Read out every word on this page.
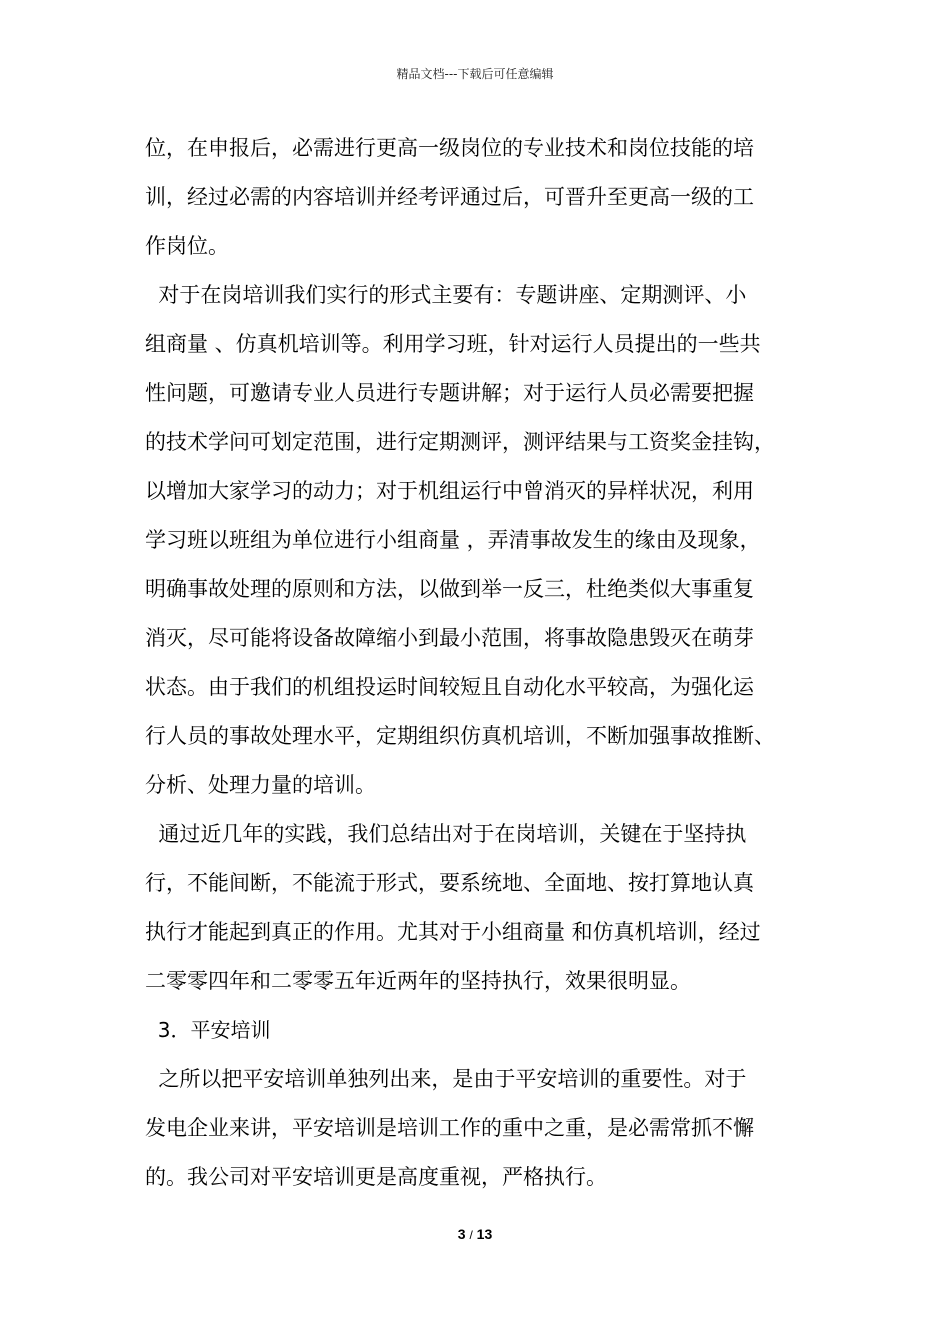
精品文档---下载后可任意编辑
位，在申报后，必需进行更高一级岗位的专业技术和岗位技能的培
训，经过必需的内容培训并经考评通过后，可晋升至更高一级的工
作岗位。
对于在岗培训我们实行的形式主要有：专题讲座、定期测评、小
组商量 、仿真机培训等。利用学习班，针对运行人员提出的一些共
性问题，可邀请专业人员进行专题讲解；对于运行人员必需要把握
的技术学问可划定范围，进行定期测评，测评结果与工资奖金挂钩，
以增加大家学习的动力；对于机组运行中曾消灭的异样状况，利用
学习班以班组为单位进行小组商量 ，弄清事故发生的缘由及现象，
明确事故处理的原则和方法，以做到举一反三，杜绝类似大事重复
消灭，尽可能将设备故障缩小到最小范围，将事故隐患毁灭在萌芽
状态。由于我们的机组投运时间较短且自动化水平较高，为强化运
行人员的事故处理水平，定期组织仿真机培训，不断加强事故推断、
分析、处理力量的培训。
通过近几年的实践，我们总结出对于在岗培训，关键在于坚持执
行，不能间断，不能流于形式，要系统地、全面地、按打算地认真
执行才能起到真正的作用。尤其对于小组商量 和仿真机培训，经过
二零零四年和二零零五年近两年的坚持执行，效果很明显。
3．平安培训
之所以把平安培训单独列出来，是由于平安培训的重要性。对于
发电企业来讲，平安培训是培训工作的重中之重，是必需常抓不懈
的。我公司对平安培训更是高度重视，严格执行。
3 / 13
